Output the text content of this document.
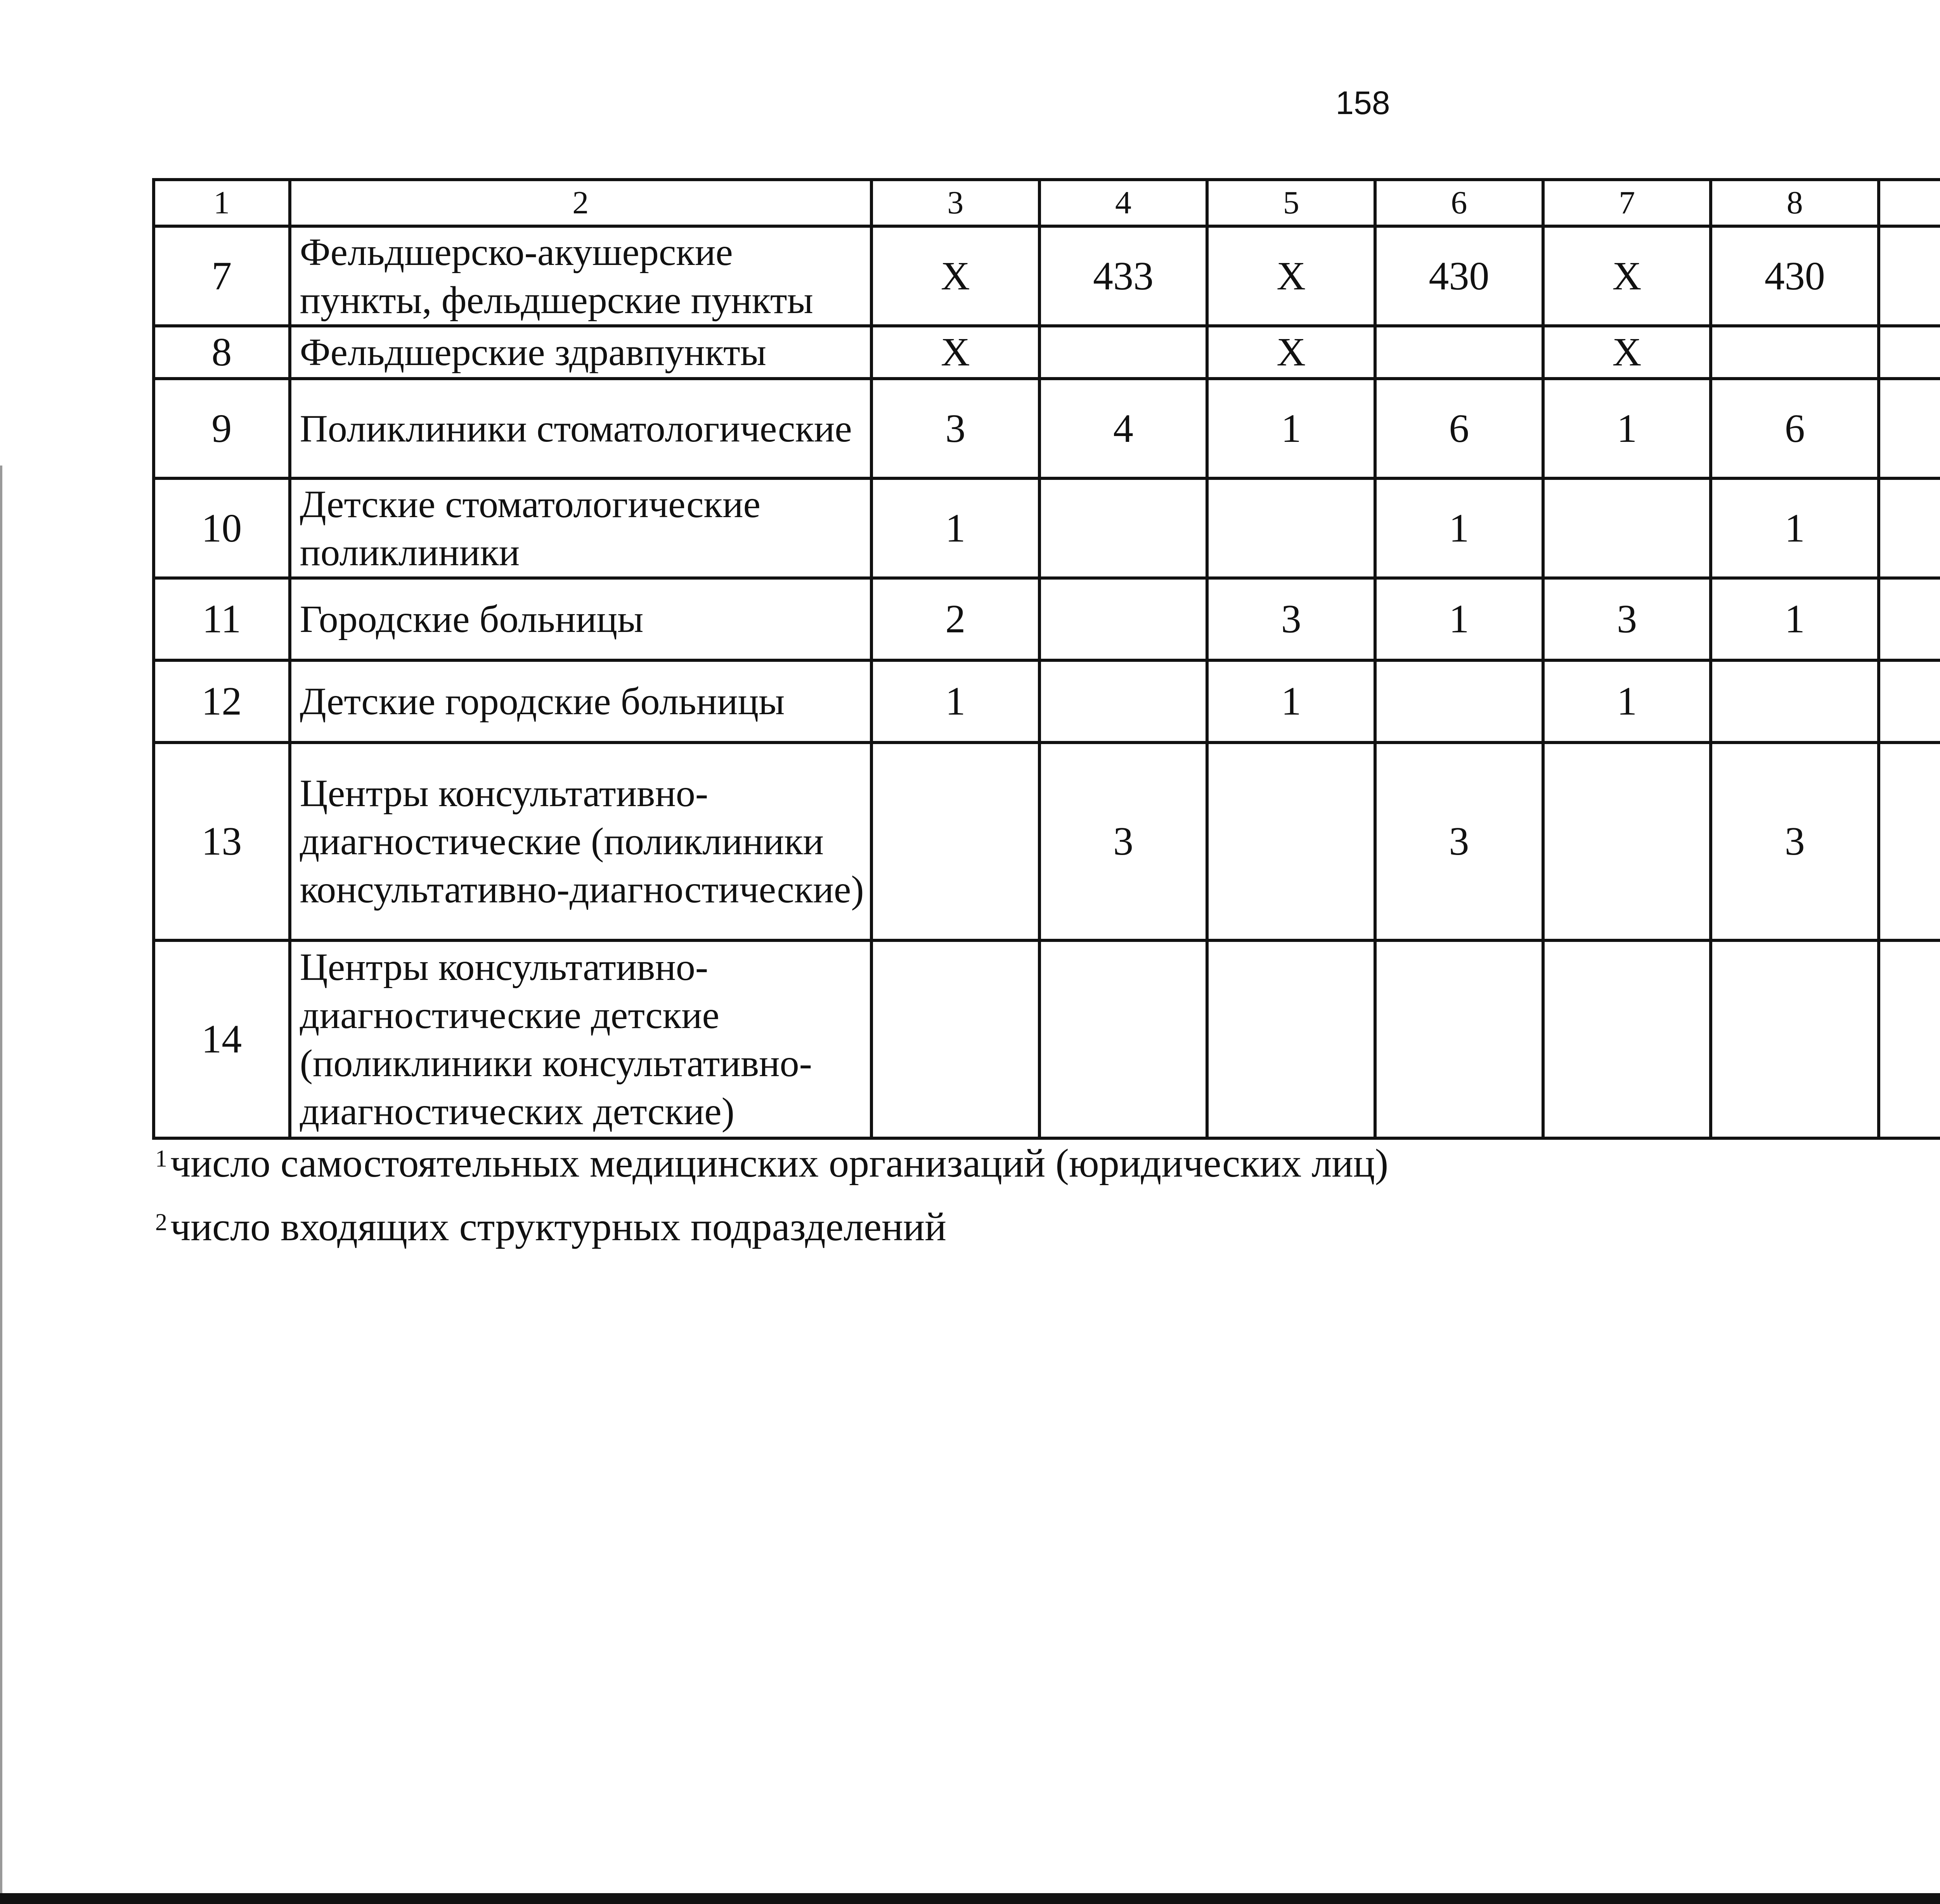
158
1	2	3	4	5	6	7	8				
7	Фельдшерско-акушерские пункты, фельдшерские пункты	X	433	X	430	X	430				
8	Фельдшерские здравпункты	X		X		X					
9	Поликлиники стоматологические	3	4	1	6	1	6				
10	Детские стоматологические поликлиники	1			1		1				
11	Городские больницы	2		3	1	3	1				
12	Детские городские больницы	1		1		1					
13	Центры консультативно-диагностические (поликлиники консультативно-диагностические)		3		3		3				
14	Центры консультативно-диагностические детские (поликлиники консультативно-диагностических детские)										
$^1$число самостоятельных медицинских организаций (юридических лиц)
$^2$число входящих структурных подразделений
